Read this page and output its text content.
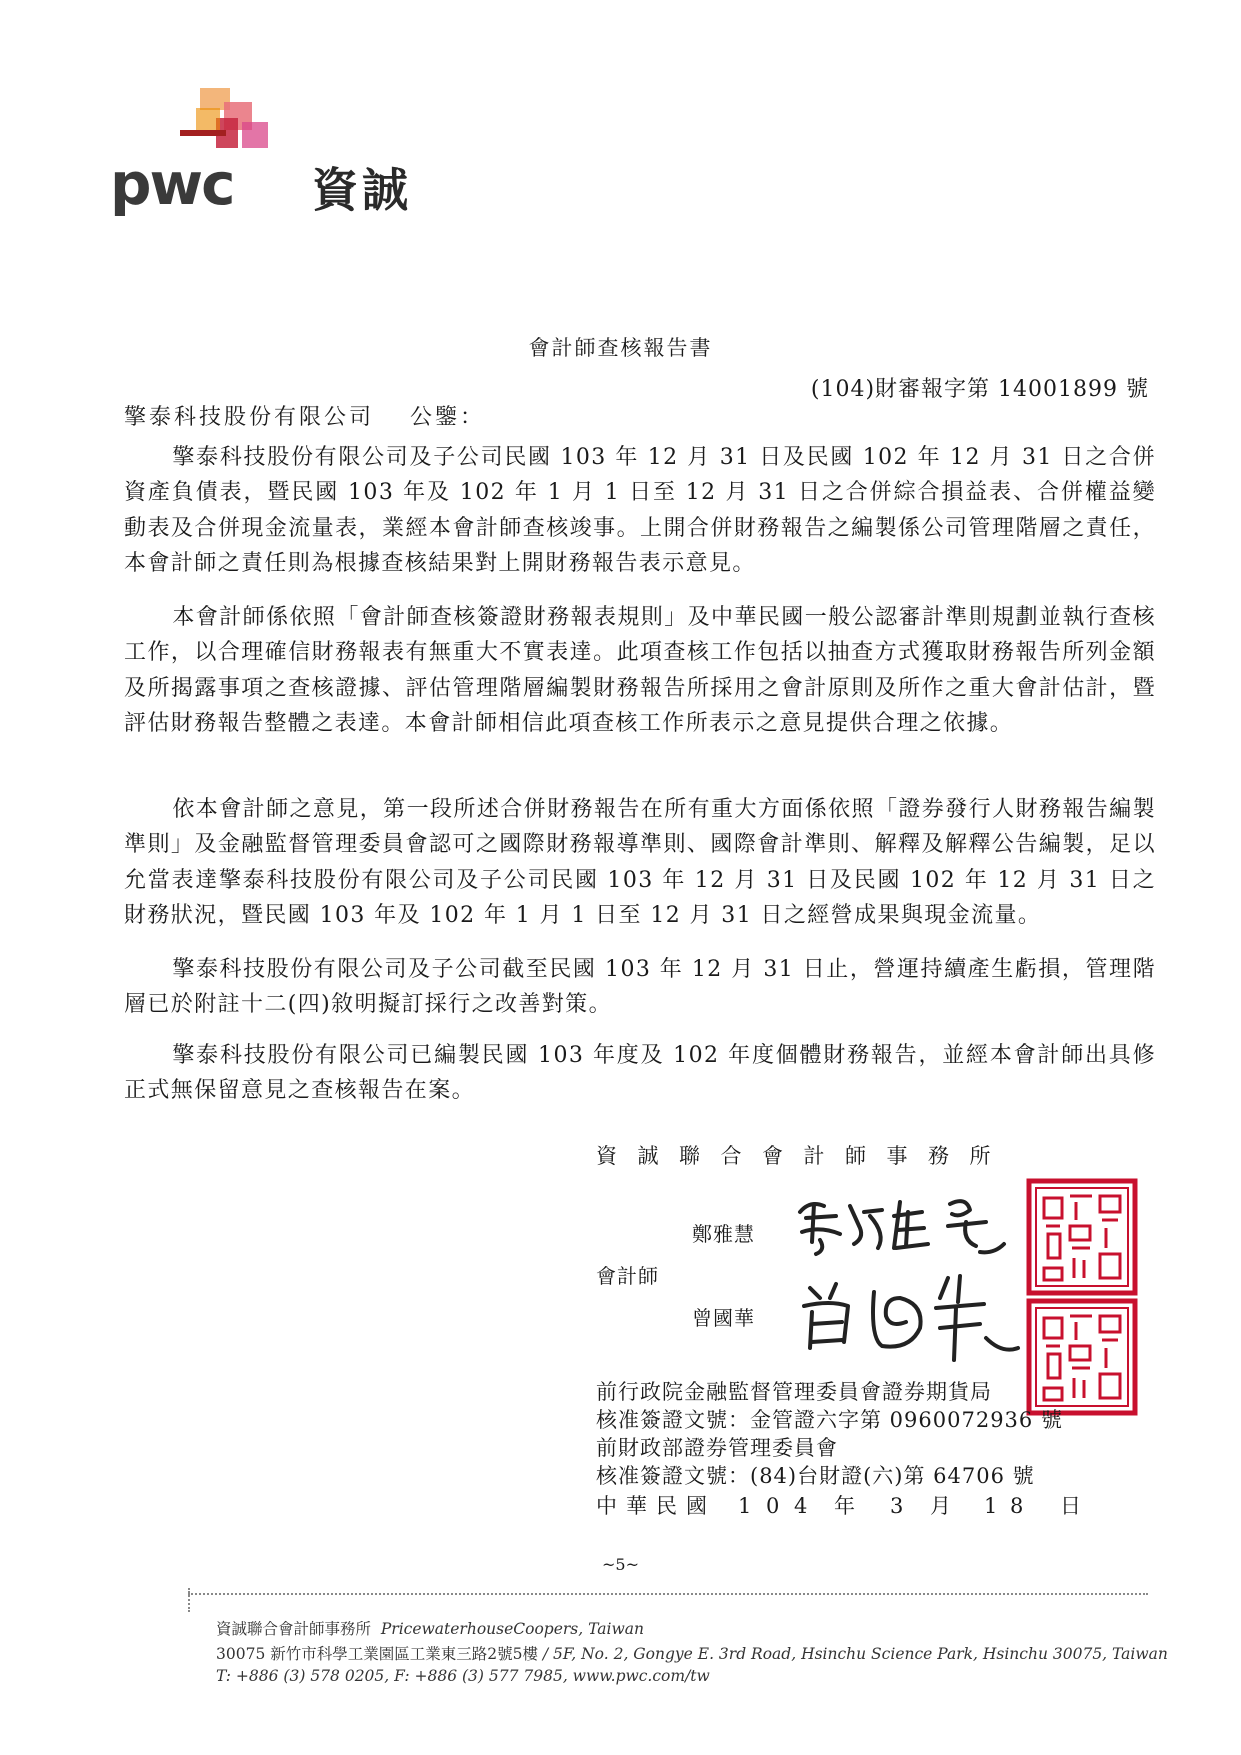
pwc 資誠
會計師查核報告書
(104)財審報字第 14001899 號
擎泰科技股份有限公司 公鑒：

擎泰科技股份有限公司及子公司民國 103 年 12 月 31 日及民國 102 年 12 月 31 日之合併資產負債表，暨民國 103 年及 102 年 1 月 1 日至 12 月 31 日之合併綜合損益表、合併權益變動表及合併現金流量表，業經本會計師查核竣事。上開合併財務報告之編製係公司管理階層之責任，本會計師之責任則為根據查核結果對上開財務報告表示意見。

本會計師係依照「會計師查核簽證財務報表規則」及中華民國一般公認審計準則規劃並執行查核工作，以合理確信財務報表有無重大不實表達。此項查核工作包括以抽查方式獲取財務報告所列金額及所揭露事項之查核證據、評估管理階層編製財務報告所採用之會計原則及所作之重大會計估計，暨評估財務報告整體之表達。本會計師相信此項查核工作所表示之意見提供合理之依據。

依本會計師之意見，第一段所述合併財務報告在所有重大方面係依照「證券發行人財務報告編製準則」及金融監督管理委員會認可之國際財務報導準則、國際會計準則、解釋及解釋公告編製，足以允當表達擎泰科技股份有限公司及子公司民國 103 年 12 月 31 日及民國 102 年 12 月 31 日之財務狀況，暨民國 103 年及 102 年 1 月 1 日至 12 月 31 日之經營成果與現金流量。

擎泰科技股份有限公司及子公司截至民國 103 年 12 月 31 日止，營運持續產生虧損，管理階層已於附註十二(四)敘明擬訂採行之改善對策。

擎泰科技股份有限公司已編製民國 103 年度及 102 年度個體財務報告，並經本會計師出具修正式無保留意見之查核報告在案。

資誠聯合會計師事務所
鄭雅慧
會計師
曾國華
前行政院金融監督管理委員會證券期貨局
核准簽證文號：金管證六字第 0960072936 號
前財政部證券管理委員會
核准簽證文號：(84)台財證(六)第 64706 號
中 華 民 國 1 0 4 年 3 月 1 8 日
~5~
資誠聯合會計師事務所 PricewaterhouseCoopers, Taiwan
30075 新竹市科學工業園區工業東三路2號5樓 / 5F, No. 2, Gongye E. 3rd Road, Hsinchu Science Park, Hsinchu 30075, Taiwan
T: +886 (3) 578 0205, F: +886 (3) 577 7985, www.pwc.com/tw
